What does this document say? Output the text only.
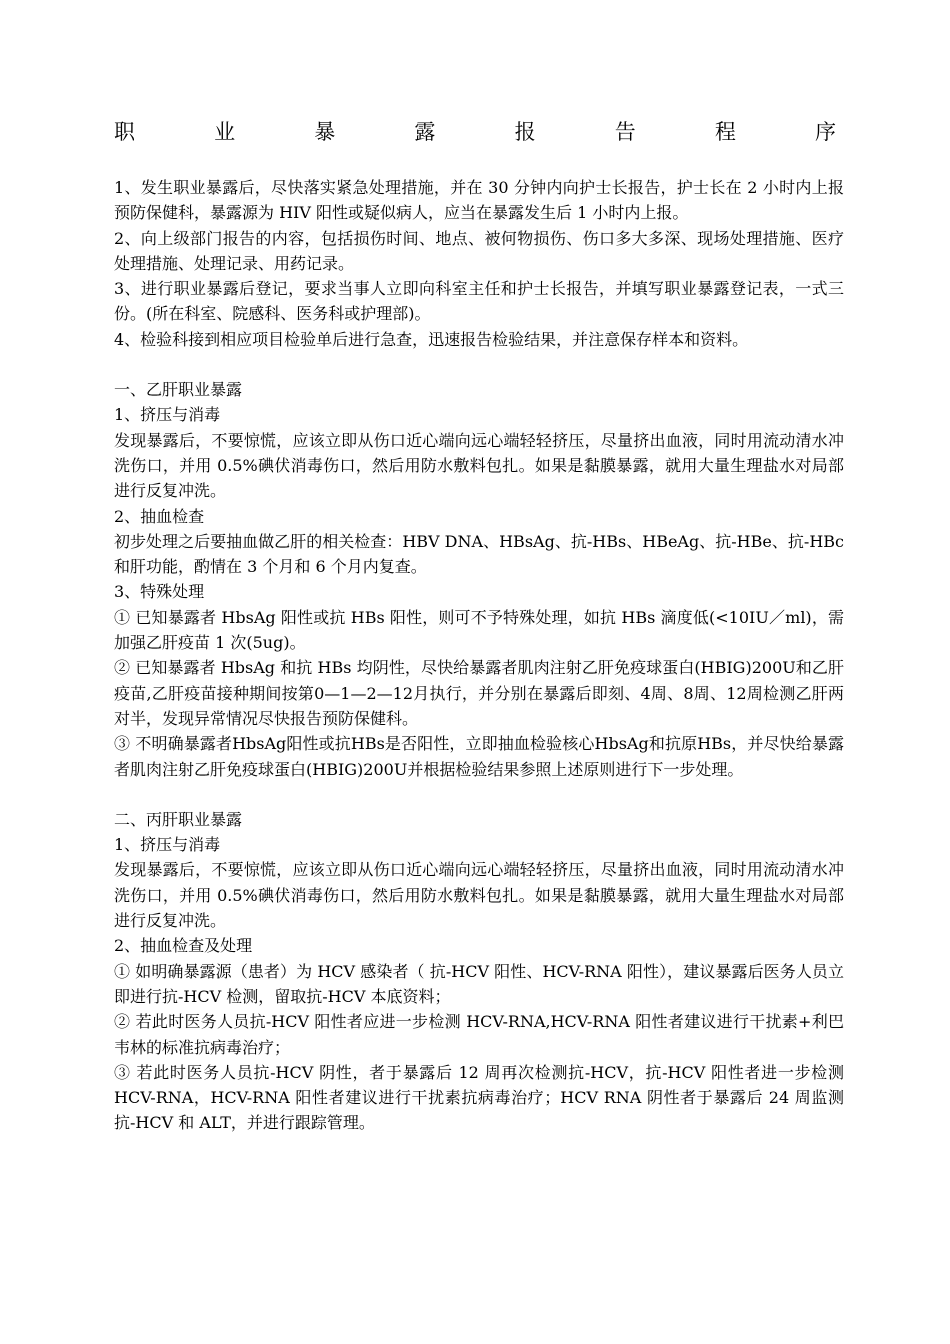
职	业	暴	露	报	告	程	序

1、发生职业暴露后，尽快落实紧急处理措施，并在 30 分钟内向护士长报告，护士长在 2 小时内上报预防保健科，暴露源为 HIV 阳性或疑似病人，应当在暴露发生后 1 小时内上报。

2、向上级部门报告的内容，包括损伤时间、地点、被何物损伤、伤口多大多深、现场处理措施、医疗处理措施、处理记录、用药记录。

3、进行职业暴露后登记，要求当事人立即向科室主任和护士长报告，并填写职业暴露登记表，一式三份。(所在科室、院感科、医务科或护理部)。

4、检验科接到相应项目检验单后进行急查，迅速报告检验结果，并注意保存样本和资料。

一、乙肝职业暴露

1、挤压与消毒

发现暴露后，不要惊慌，应该立即从伤口近心端向远心端轻轻挤压，尽量挤出血液，同时用流动清水冲洗伤口，并用 0.5%碘伏消毒伤口，然后用防水敷料包扎。如果是黏膜暴露，就用大量生理盐水对局部进行反复冲洗。

2、抽血检查

初步处理之后要抽血做乙肝的相关检查：HBV DNA、HBsAg、抗-HBs、HBeAg、抗-HBe、抗-HBc 和肝功能，酌情在 3 个月和 6 个月内复查。

3、特殊处理

① 已知暴露者 HbsAg 阳性或抗 HBs 阳性，则可不予特殊处理，如抗 HBs 滴度低(<10IU／ml)，需加强乙肝疫苗 1 次(5ug)。

② 已知暴露者 HbsAg 和抗 HBs 均阴性，尽快给暴露者肌肉注射乙肝免疫球蛋白(HBIG)200U和乙肝疫苗,乙肝疫苗接种期间按第0—1—2—12月执行，并分别在暴露后即刻、4周、8周、12周检测乙肝两对半，发现异常情况尽快报告预防保健科。

③ 不明确暴露者HbsAg阳性或抗HBs是否阳性，立即抽血检验核心HbsAg和抗原HBs，并尽快给暴露者肌肉注射乙肝免疫球蛋白(HBIG)200U并根据检验结果参照上述原则进行下一步处理。

二、丙肝职业暴露

1、挤压与消毒

发现暴露后，不要惊慌，应该立即从伤口近心端向远心端轻轻挤压，尽量挤出血液，同时用流动清水冲洗伤口，并用 0.5%碘伏消毒伤口，然后用防水敷料包扎。如果是黏膜暴露，就用大量生理盐水对局部进行反复冲洗。

2、抽血检查及处理

① 如明确暴露源（患者）为 HCV 感染者（ 抗-HCV 阳性、HCV-RNA 阳性），建议暴露后医务人员立即进行抗-HCV 检测，留取抗-HCV 本底资料；

② 若此时医务人员抗-HCV 阳性者应进一步检测 HCV-RNA,HCV-RNA 阳性者建议进行干扰素+利巴韦林的标准抗病毒治疗；

③ 若此时医务人员抗-HCV 阴性，者于暴露后 12 周再次检测抗-HCV，抗-HCV 阳性者进一步检测 HCV-RNA，HCV-RNA 阳性者建议进行干扰素抗病毒治疗；HCV RNA 阴性者于暴露后 24 周监测抗-HCV 和 ALT，并进行跟踪管理。
